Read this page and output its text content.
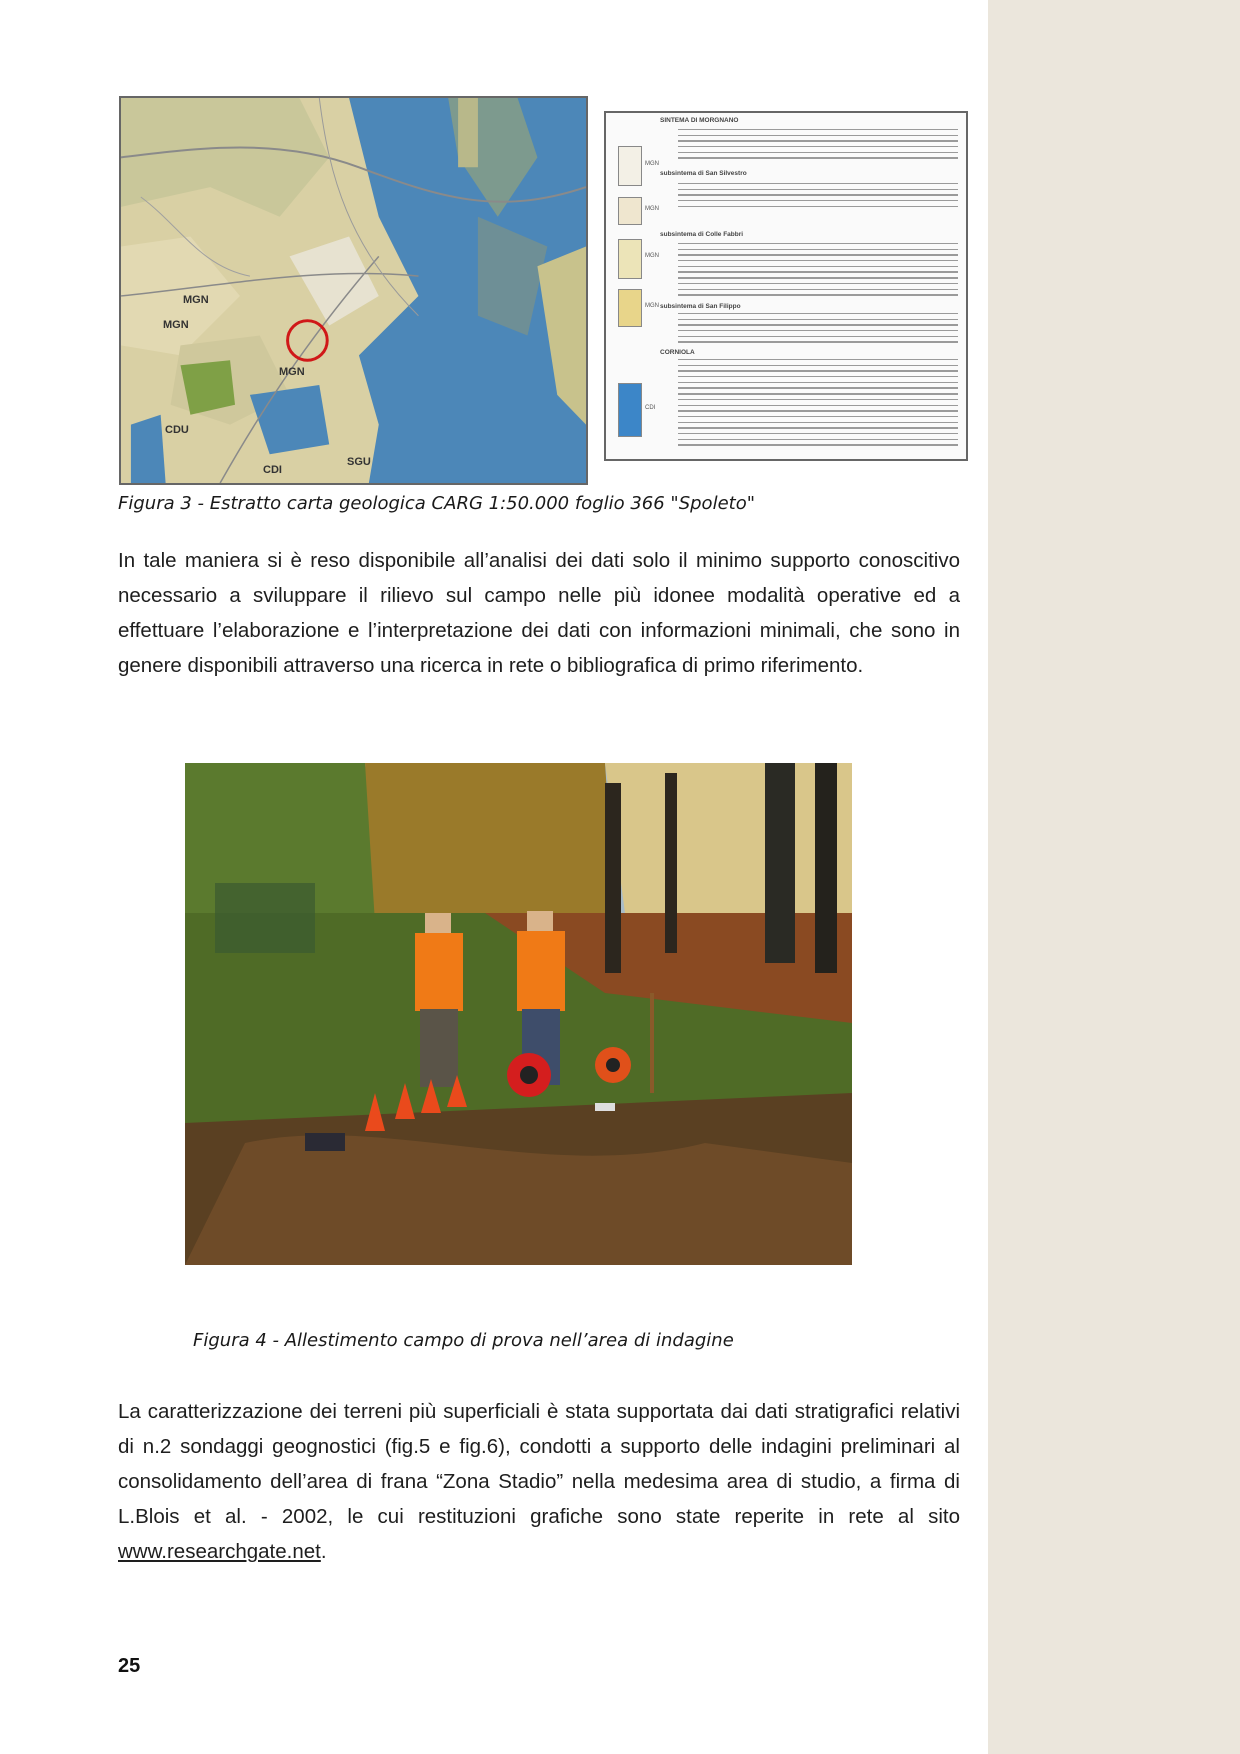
MGN
MGN
MGN
CDU
CDI
SGU
SINTEMA DI MORGNANO
MGN
subsintema di San Silvestro
MGN
subsintema di Colle Fabbri
MGN
subsintema di San Filippo
MGN
CORNIOLA
CDI
Figura 3 - Estratto carta geologica CARG 1:50.000 foglio 366 "Spoleto"

In tale maniera si è reso disponibile all’analisi dei dati solo il minimo supporto conoscitivo necessario a sviluppare il rilievo sul campo nelle più idonee modalità operative ed a effettuare l’elaborazione e l’interpretazione dei dati con informazioni minimali, che sono in genere disponibili attraverso una ricerca in rete o bibliografica di primo riferimento.

Figura 4 - Allestimento campo di prova nell’area di indagine

La caratterizzazione dei terreni più superficiali è stata supportata dai dati stratigrafici relativi di n.2 sondaggi geognostici (fig.5 e fig.6), condotti a supporto delle indagini preliminari al consolidamento dell’area di frana “Zona Stadio” nella medesima area di studio, a firma di L.Blois et al. - 2002, le cui restituzioni grafiche sono state reperite in rete al sito www.researchgate.net.

25
